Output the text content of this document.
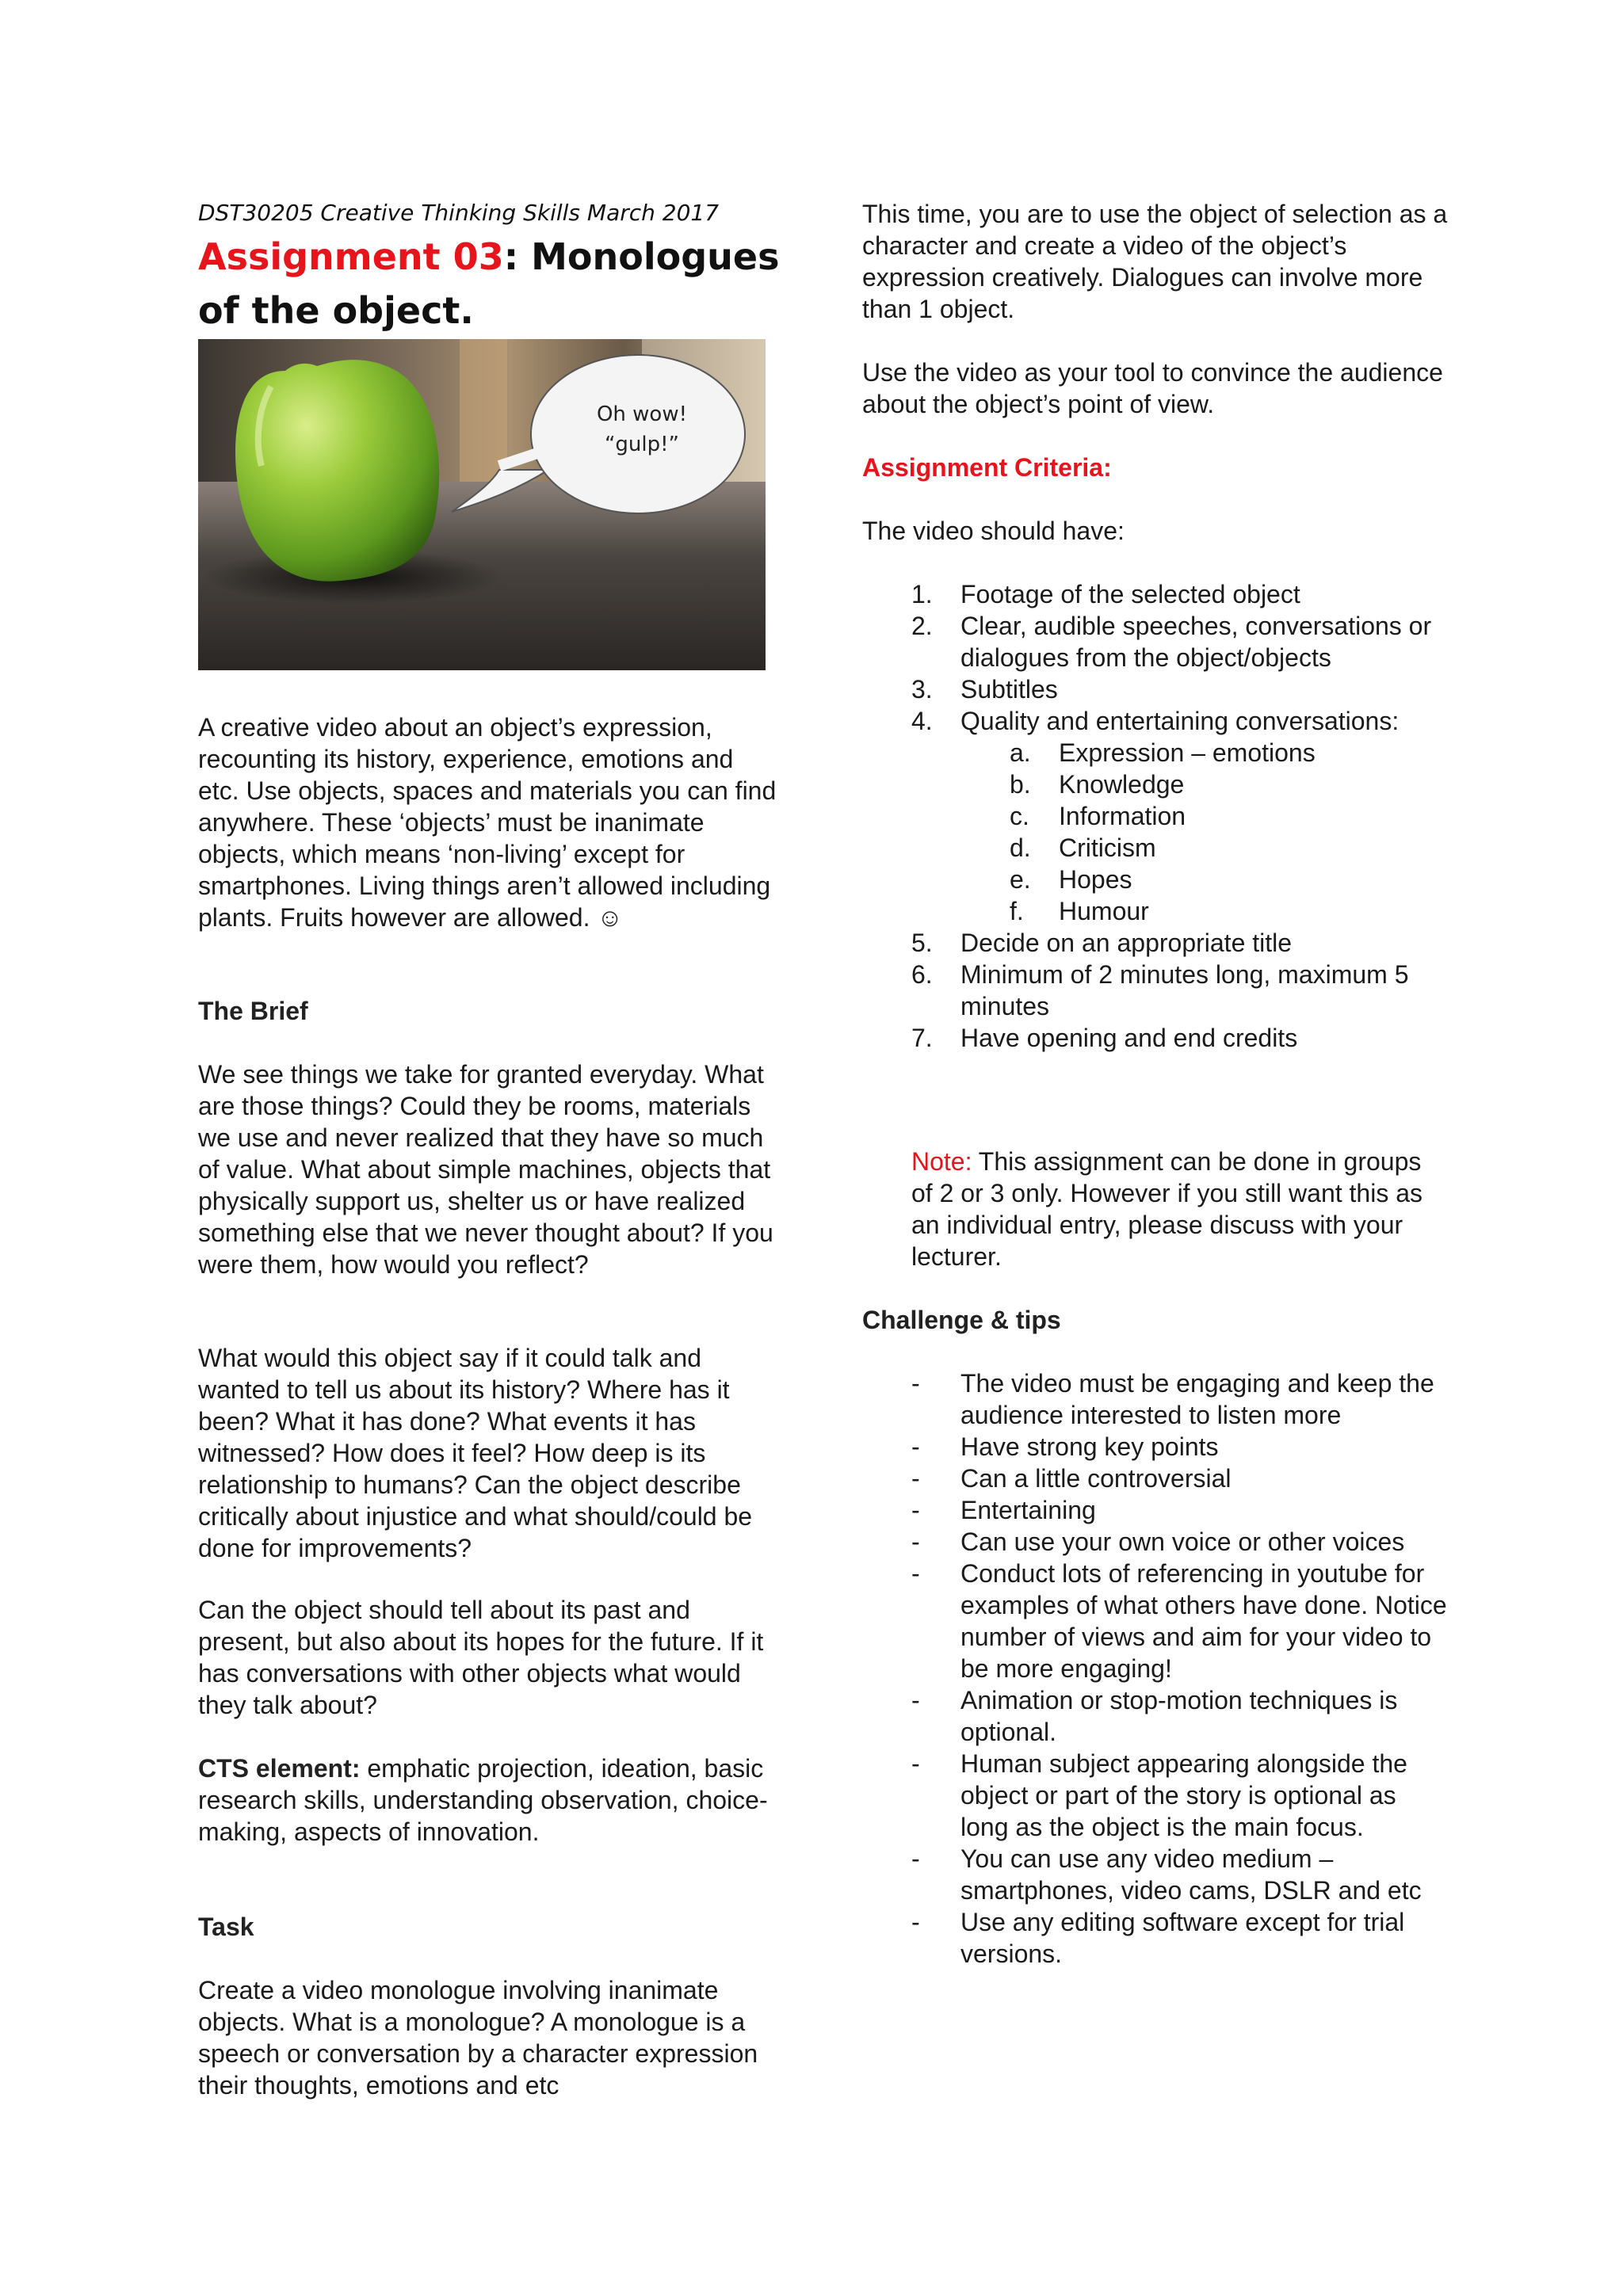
DST30205 Creative Thinking Skills March 2017

Assignment 03: Monologues of the object.
Oh wow!
“gulp!”

A creative video about an object’s expression, recounting its history, experience, emotions and etc. Use objects, spaces and materials you can find anywhere. These ‘objects’ must be inanimate objects, which means ‘non-living’ except for smartphones. Living things aren’t allowed including plants. Fruits however are allowed. ☺

The Brief

We see things we take for granted everyday. What are those things? Could they be rooms, materials we use and never realized that they have so much of value. What about simple machines, objects that physically support us, shelter us or have realized something else that we never thought about? If you were them, how would you reflect?

What would this object say if it could talk and wanted to tell us about its history? Where has it been? What it has done? What events it has witnessed? How does it feel? How deep is its relationship to humans? Can the object describe critically about injustice and what should/could be done for improvements?

Can the object should tell about its past and present, but also about its hopes for the future. If it has conversations with other objects what would they talk about?

CTS element: emphatic projection, ideation, basic research skills, understanding observation, choice-making, aspects of innovation.

Task

Create a video monologue involving inanimate objects. What is a monologue? A monologue is a speech or conversation by a character expression their thoughts, emotions and etc

This time, you are to use the object of selection as a character and create a video of the object’s expression creatively. Dialogues can involve more than 1 object.

Use the video as your tool to convince the audience about the object’s point of view.

Assignment Criteria:

The video should have:

1. Footage of the selected object
2. Clear, audible speeches, conversations or dialogues from the object/objects
3. Subtitles
4. Quality and entertaining conversations:
a. Expression – emotions
b. Knowledge
c. Information
d. Criticism
e. Hopes
f. Humour
5. Decide on an appropriate title
6. Minimum of 2 minutes long, maximum 5 minutes
7. Have opening and end credits

Note: This assignment can be done in groups of 2 or 3 only. However if you still want this as an individual entry, please discuss with your lecturer.

Challenge & tips

- The video must be engaging and keep the audience interested to listen more
- Have strong key points
- Can a little controversial
- Entertaining
- Can use your own voice or other voices
- Conduct lots of referencing in youtube for examples of what others have done. Notice number of views and aim for your video to be more engaging!
- Animation or stop-motion techniques is optional.
- Human subject appearing alongside the object or part of the story is optional as long as the object is the main focus.
- You can use any video medium – smartphones, video cams, DSLR and etc
- Use any editing software except for trial versions.
